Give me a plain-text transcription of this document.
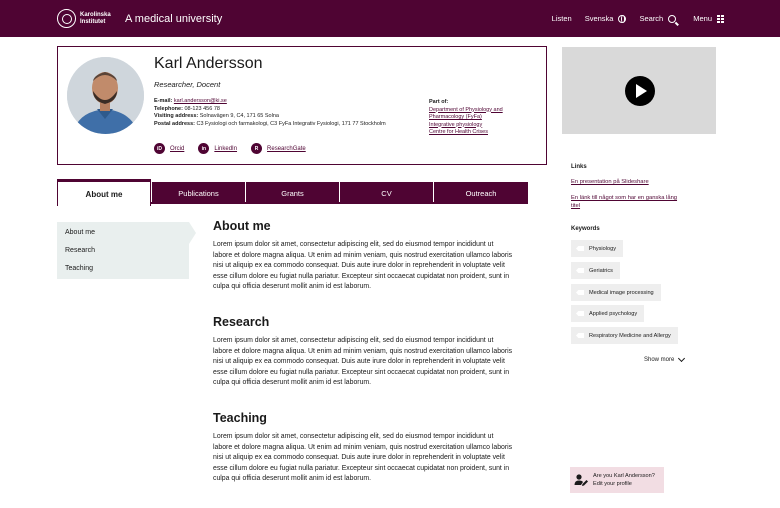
Karolinska Institutet	A medical university	Listen Svenska	Search	Menu
Karl Andersson
Researcher, Docent
E-mail: karl.andersson@ki.se
Telephone: 08-123 456 78
Visiting address: Solnavägen 9, C4, 171 65 Solna
Postal address: C3 Fysiologi och farmakologi, C3 FyFa Integrativ Fysiologi, 171 77 Stockholm
Part of:
Department of Physiology and Pharmacology (FyFa)
Integrative physiology
Centre for Health Crises
iD	Orcid	in	LinkedIn	R	ResearchGate
About me	Publications	Grants	CV	Outreach
About me
Research
Teaching
About me
Lorem ipsum dolor sit amet, consectetur adipiscing elit, sed do eiusmod tempor incididunt ut labore et dolore magna aliqua. Ut enim ad minim veniam, quis nostrud exercitation ullamco laboris nisi ut aliquip ex ea commodo consequat. Duis aute irure dolor in reprehenderit in voluptate velit esse cillum dolore eu fugiat nulla pariatur. Excepteur sint occaecat cupidatat non proident, sunt in culpa qui officia deserunt mollit anim id est laborum.
Research
Lorem ipsum dolor sit amet, consectetur adipiscing elit, sed do eiusmod tempor incididunt ut labore et dolore magna aliqua. Ut enim ad minim veniam, quis nostrud exercitation ullamco laboris nisi ut aliquip ex ea commodo consequat. Duis aute irure dolor in reprehenderit in voluptate velit esse cillum dolore eu fugiat nulla pariatur. Excepteur sint occaecat cupidatat non proident, sunt in culpa qui officia deserunt mollit anim id est laborum.
Teaching
Lorem ipsum dolor sit amet, consectetur adipiscing elit, sed do eiusmod tempor incididunt ut labore et dolore magna aliqua. Ut enim ad minim veniam, quis nostrud exercitation ullamco laboris nisi ut aliquip ex ea commodo consequat. Duis aute irure dolor in reprehenderit in voluptate velit esse cillum dolore eu fugiat nulla pariatur. Excepteur sint occaecat cupidatat non proident, sunt in culpa qui officia deserunt mollit anim id est laborum.
Links
En presentation på Slideshare
En länk till något som har en ganska lång titel
Keywords
Physiology
Geriatrics
Medical image processing
Applied psychology
Respiratory Medicine and Allergy
Show more
Are you Karl Andersson?
Edit your profile
